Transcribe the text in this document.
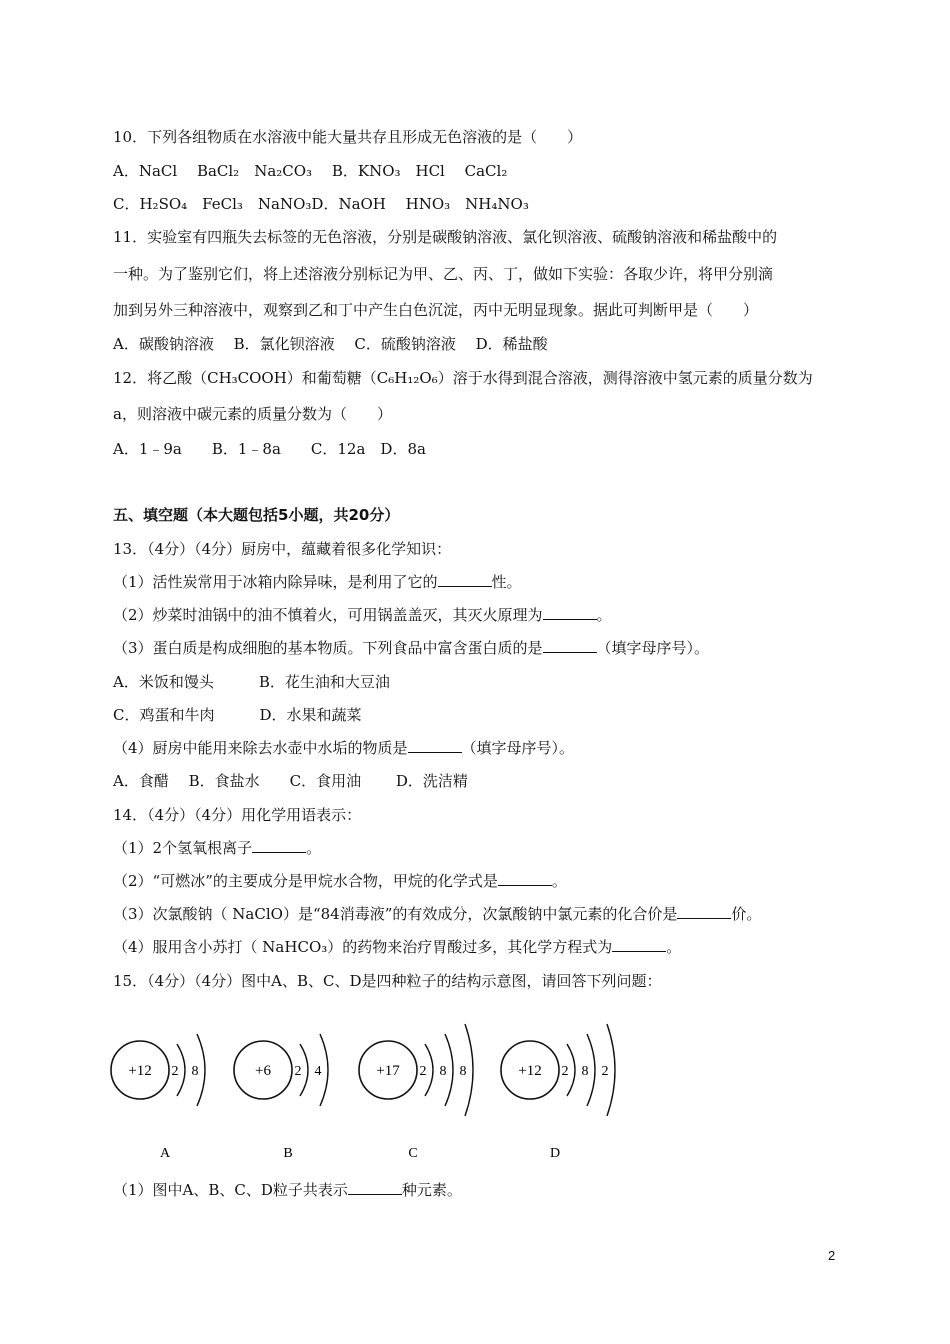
10．下列各组物质在水溶液中能大量共存且形成无色溶液的是（　　）
A．NaCl　 BaCl₂　Na₂CO₃　 B．KNO₃　HCl　 CaCl₂
C．H₂SO₄　FeCl₃　NaNO₃D．NaOH　 HNO₃　NH₄NO₃
11．实验室有四瓶失去标签的无色溶液，分别是碳酸钠溶液、氯化钡溶液、硫酸钠溶液和稀盐酸中的
一种。为了鉴别它们，将上述溶液分别标记为甲、乙、丙、丁，做如下实验：各取少许，将甲分别滴
加到另外三种溶液中，观察到乙和丁中产生白色沉淀，丙中无明显现象。据此可判断甲是（　　）
A．碳酸钠溶液　 B．氯化钡溶液　 C．硫酸钠溶液　 D．稀盐酸
12．将乙酸（CH₃COOH）和葡萄糖（C₆H₁₂O₆）溶于水得到混合溶液，测得溶液中氢元素的质量分数为
a，则溶液中碳元素的质量分数为（　　）
A．1﹣9a　　B．1﹣8a　　C．12a　D．8a
五、填空题（本大题包括5小题，共20分）
13．（4分）（4分）厨房中，蕴藏着很多化学知识：
（1）活性炭常用于冰箱内除异味，是利用了它的	性。
（2）炒菜时油锅中的油不慎着火，可用锅盖盖灭，其灭火原理为	。
（3）蛋白质是构成细胞的基本物质。下列食品中富含蛋白质的是	（填字母序号）。
A．米饭和馒头　　　B．花生油和大豆油
C．鸡蛋和牛肉　　　D．水果和蔬菜
（4）厨房中能用来除去水壶中水垢的物质是	（填字母序号）。
A．食醋　 B．食盐水　　C．食用油　　 D．洗洁精
14．（4分）（4分）用化学用语表示：
（1）2个氢氧根离子	。
（2）“可燃冰”的主要成分是甲烷水合物，甲烷的化学式是	。
（3）次氯酸钠（ NaClO）是“84消毒液”的有效成分，次氯酸钠中氯元素的化合价是	价。
（4）服用含小苏打（ NaHCO₃）的药物来治疗胃酸过多，其化学方程式为	。
15．（4分）（4分）图中A、B、C、D是四种粒子的结构示意图，请回答下列问题：
+12 2 8
A
+6 2 4
B
+17 2 8 8
C
+12 2 8 2
D
（1）图中A、B、C、D粒子共表示	种元素。
2
